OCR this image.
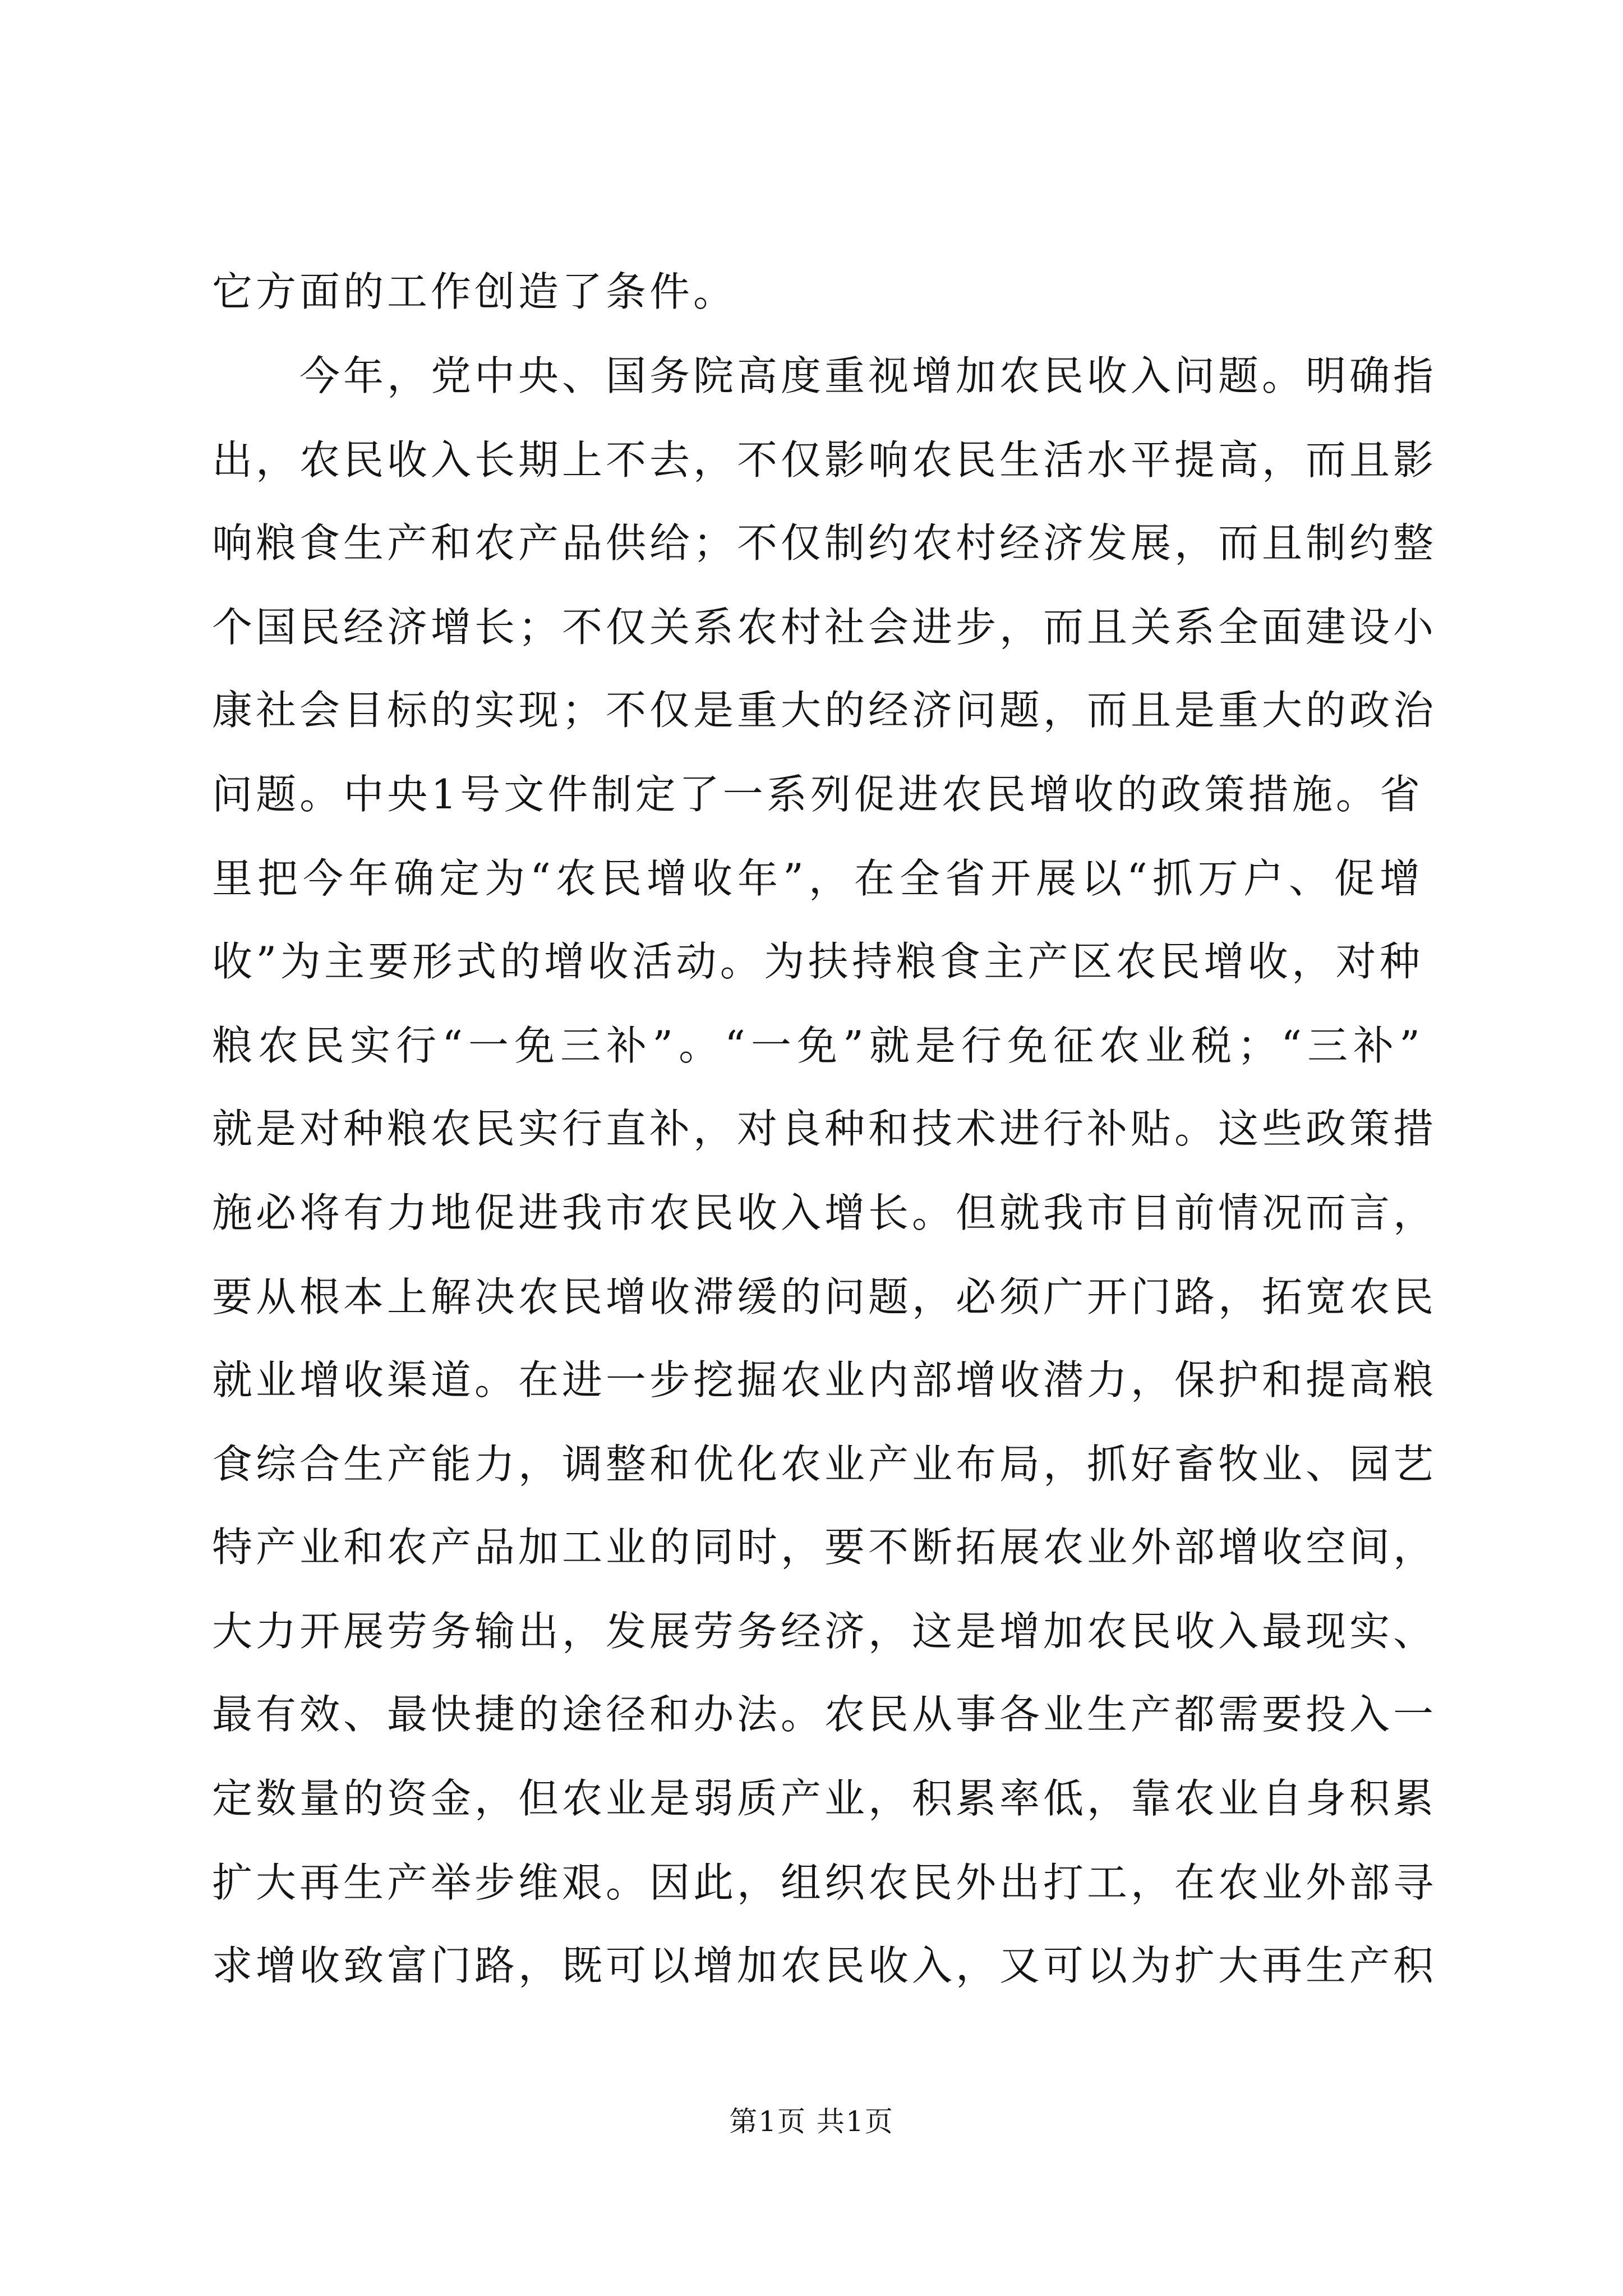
它方面的工作创造了条件。
今年，党中央、国务院高度重视增加农民收入问题。明确指
出，农民收入长期上不去，不仅影响农民生活水平提高，而且影
响粮食生产和农产品供给；不仅制约农村经济发展，而且制约整
个国民经济增长；不仅关系农村社会进步，而且关系全面建设小
康社会目标的实现；不仅是重大的经济问题，而且是重大的政治
问题。中央1号文件制定了一系列促进农民增收的政策措施。省
里把今年确定为“农民增收年”，在全省开展以“抓万户、促增
收”为主要形式的增收活动。为扶持粮食主产区农民增收，对种
粮农民实行“一免三补”。“一免”就是行免征农业税；“三补”
就是对种粮农民实行直补，对良种和技术进行补贴。这些政策措
施必将有力地促进我市农民收入增长。但就我市目前情况而言，
要从根本上解决农民增收滞缓的问题，必须广开门路，拓宽农民
就业增收渠道。在进一步挖掘农业内部增收潜力，保护和提高粮
食综合生产能力，调整和优化农业产业布局，抓好畜牧业、园艺
特产业和农产品加工业的同时，要不断拓展农业外部增收空间，
大力开展劳务输出，发展劳务经济，这是增加农民收入最现实、
最有效、最快捷的途径和办法。农民从事各业生产都需要投入一
定数量的资金，但农业是弱质产业，积累率低，靠农业自身积累
扩大再生产举步维艰。因此，组织农民外出打工，在农业外部寻
求增收致富门路，既可以增加农民收入，又可以为扩大再生产积
第1页 共1页
